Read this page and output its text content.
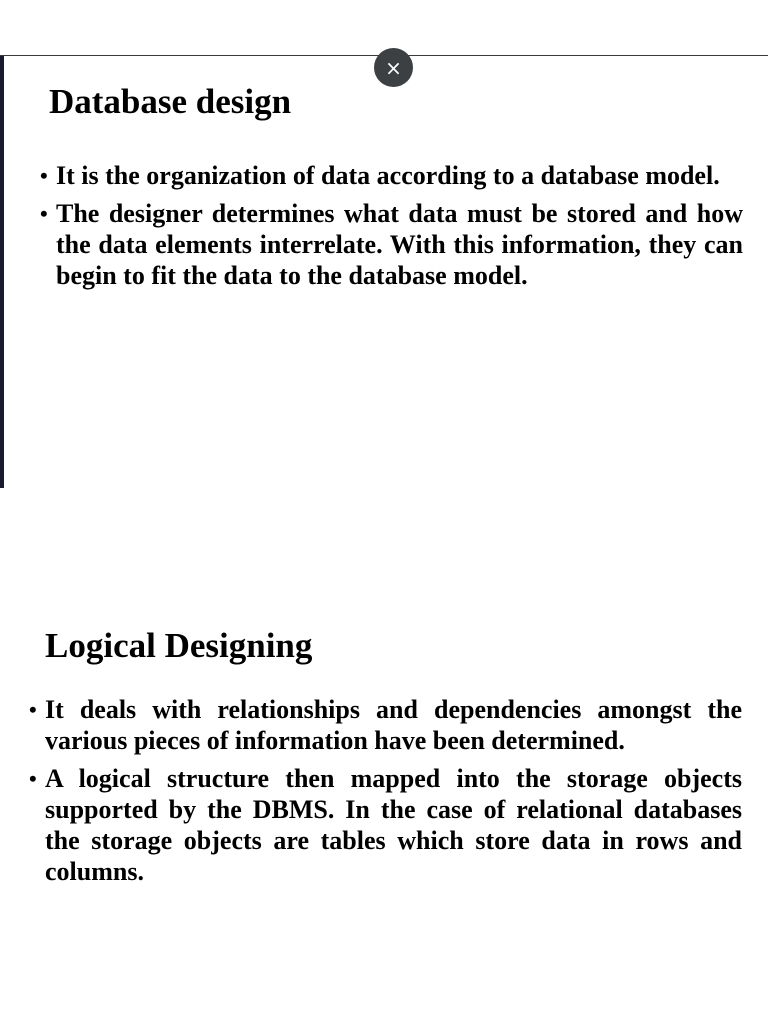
Database design
• It is the organization of data according to a database model.
• The designer determines what data must be stored and how the data elements interrelate. With this information, they can begin to fit the data to the database model.
Logical Designing
• It deals with relationships and dependencies amongst the various pieces of information have been determined.
• A logical structure then mapped into the storage objects supported by the DBMS. In the case of relational databases the storage objects are tables which store data in rows and columns.
×
